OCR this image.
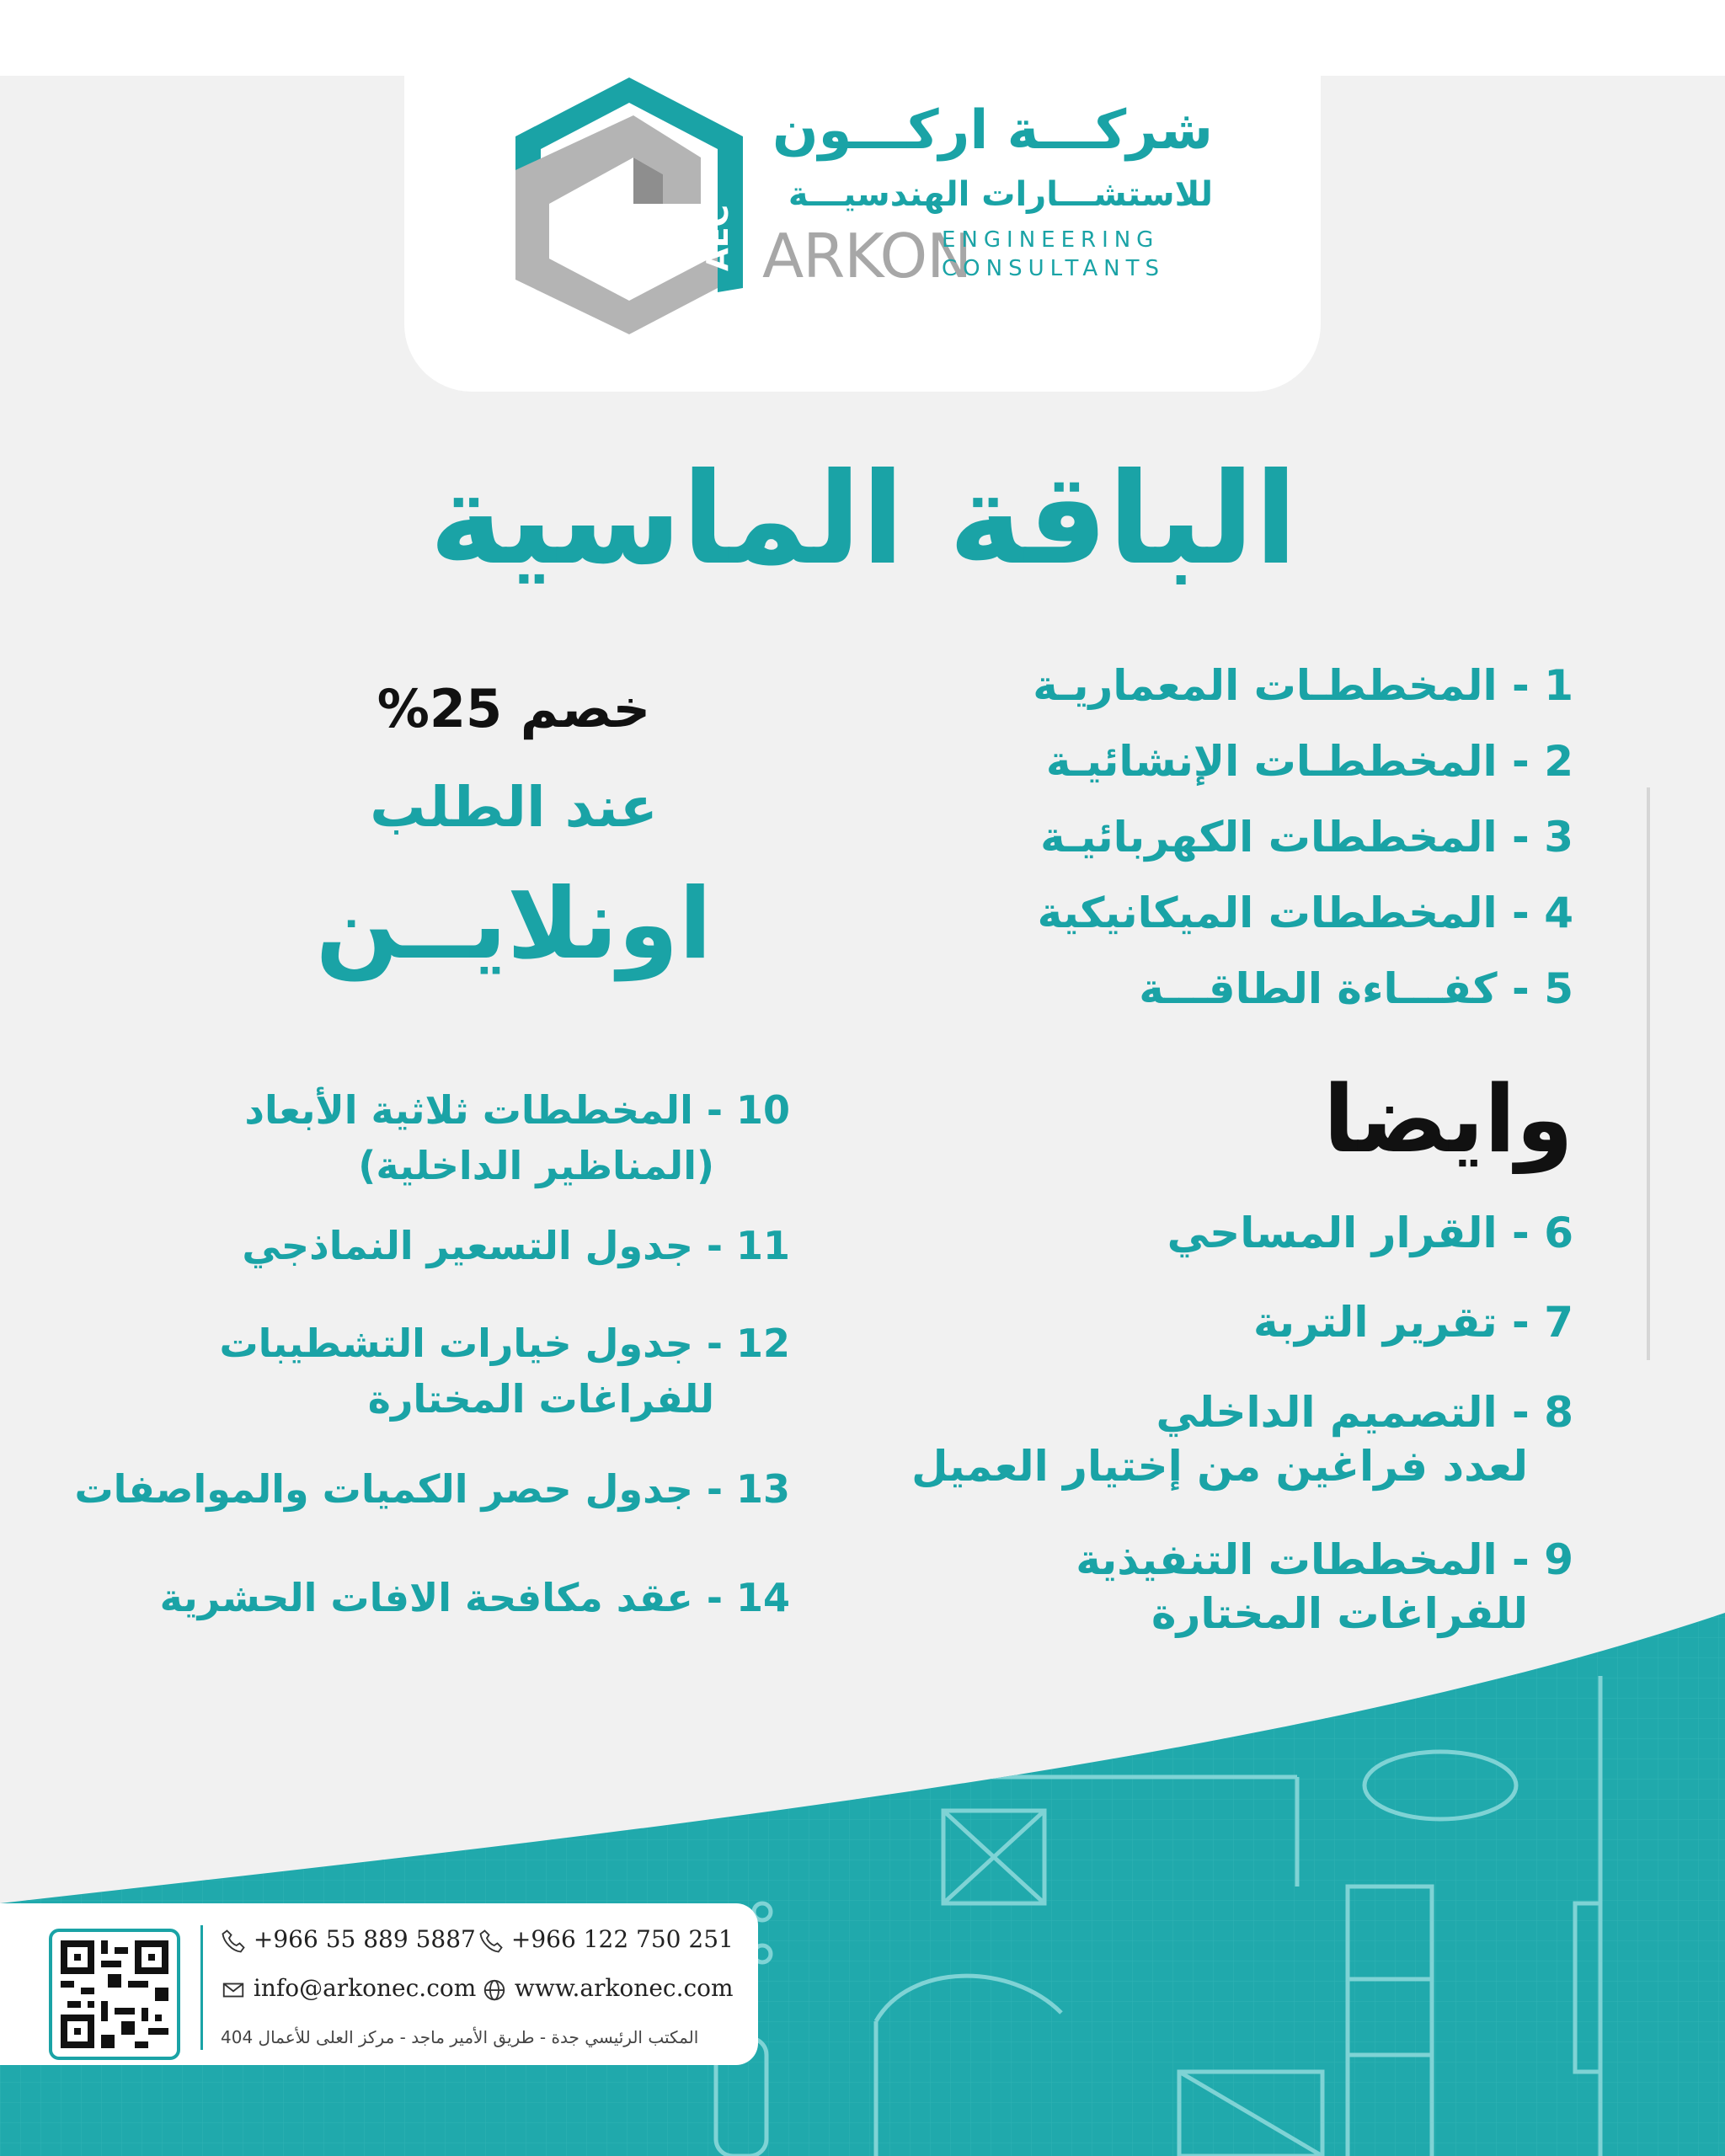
AEC
شركـــة اركـــون
للاستشـــارات الهندسيـــة
ARKON
ENGINEERING
CONSULTANTS
الباقة الماسية
1 - المخططـات المعماريـة
2 - المخططـات الإنشائيـة
3 - المخططات الكهربائيـة
4 - المخططات الميكانيكية
5 - كفـــاءة الطاقـــة
وايضا
6 - القرار المساحي
7 - تقرير التربة
8 - التصميم الداخلي
لعدد فراغين من إختيار العميل
9 - المخططات التنفيذية
للفراغات المختارة
خصم 25%
عند الطلب
اونلايــن
10 - المخططات ثلاثية الأبعاد
(المناظير الداخلية)
11 - جدول التسعير النماذجي
12 - جدول خيارات التشطيبات
للفراغات المختارة
13 - جدول حصر الكميات والمواصفات
14 - عقد مكافحة الافات الحشرية
+966 55 889 5887	+966 122 750 251
info@arkonec.com	www.arkonec.com
المكتب الرئيسي جدة - طريق الأمير ماجد - مركز العلى للأعمال 404
